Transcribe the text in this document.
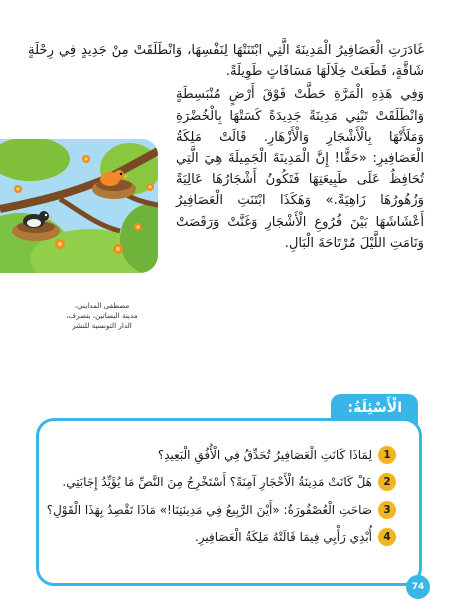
غَادَرَتِ الْعَصَافِيرُ الْمَدِينَةَ الَّتِي ابْتَنَتْهَا لِنَفْسِهَا، وَانْطَلَقَتْ مِنْ جَدِيدٍ فِي رِحْلَةٍ شَاقَّةٍ، قَطَعَتْ خِلَالَهَا مَسَافَاتٍ طَوِيلَةً.

وَفِي هَذِهِ الْمَرَّةِ حَطَّتْ فَوْقَ أَرْضٍ مُنْبَسِطَةٍ وَانْطَلَقَتْ تَبْنِي مَدِينَةً جَدِيدَةً كَسَتْهَا بِالْخُضْرَةِ وَمَلَأَتْهَا بِالْأَشْجَارِ وَالْأَزْهَارِ. قَالَتْ مَلِكَةُ الْعَصَافِيرِ: «حَقًّا! إِنَّ الْمَدِينَةَ الْجَمِيلَةَ هِيَ الَّتِي تُحَافِظُ عَلَى طَبِيعَتِهَا فَتَكُونُ أَشْجَارُهَا عَالِيَةً وَزُهُورُهَا زَاهِيَةً.» وَهَكَذَا ابْتَنَتِ الْعَصَافِيرُ أَعْشَاشَهَا بَيْنَ فُرُوعِ الْأَشْجَارِ وَغَنَّتْ وَرَقَصَتْ وَنَامَتِ اللَّيْلَ مُرْتَاحَةَ الْبَالِ.

مصطفى المدايني،
مدينة البساتين، بتصرف،
الدار التونسية للنشر
الْأَسْئِلَةُ:
1
لِمَاذَا كَانَتِ الْعَصَافِيرُ تُحَدِّقُ فِي الْأُفُقِ الْبَعِيدِ؟
2
هَلْ كَانَتْ مَدِينَةُ الْأَحْجَارِ آمِنَةً؟ أَسْتَخْرِجُ مِنَ النَّصِّ مَا يُؤَيِّدُ إِجَابَتِي.
3
صَاحَتِ الْعُصْفُورَةُ: «أَيْنَ الرَّبِيعُ فِي مَدِينَتِنَا!» مَاذَا تَقْصِدُ بِهَذَا الْقَوْلِ؟
4
أُبْدِي رَأْيِي فِيمَا قَالَتْهُ مَلِكَةُ الْعَصَافِيرِ.
74
